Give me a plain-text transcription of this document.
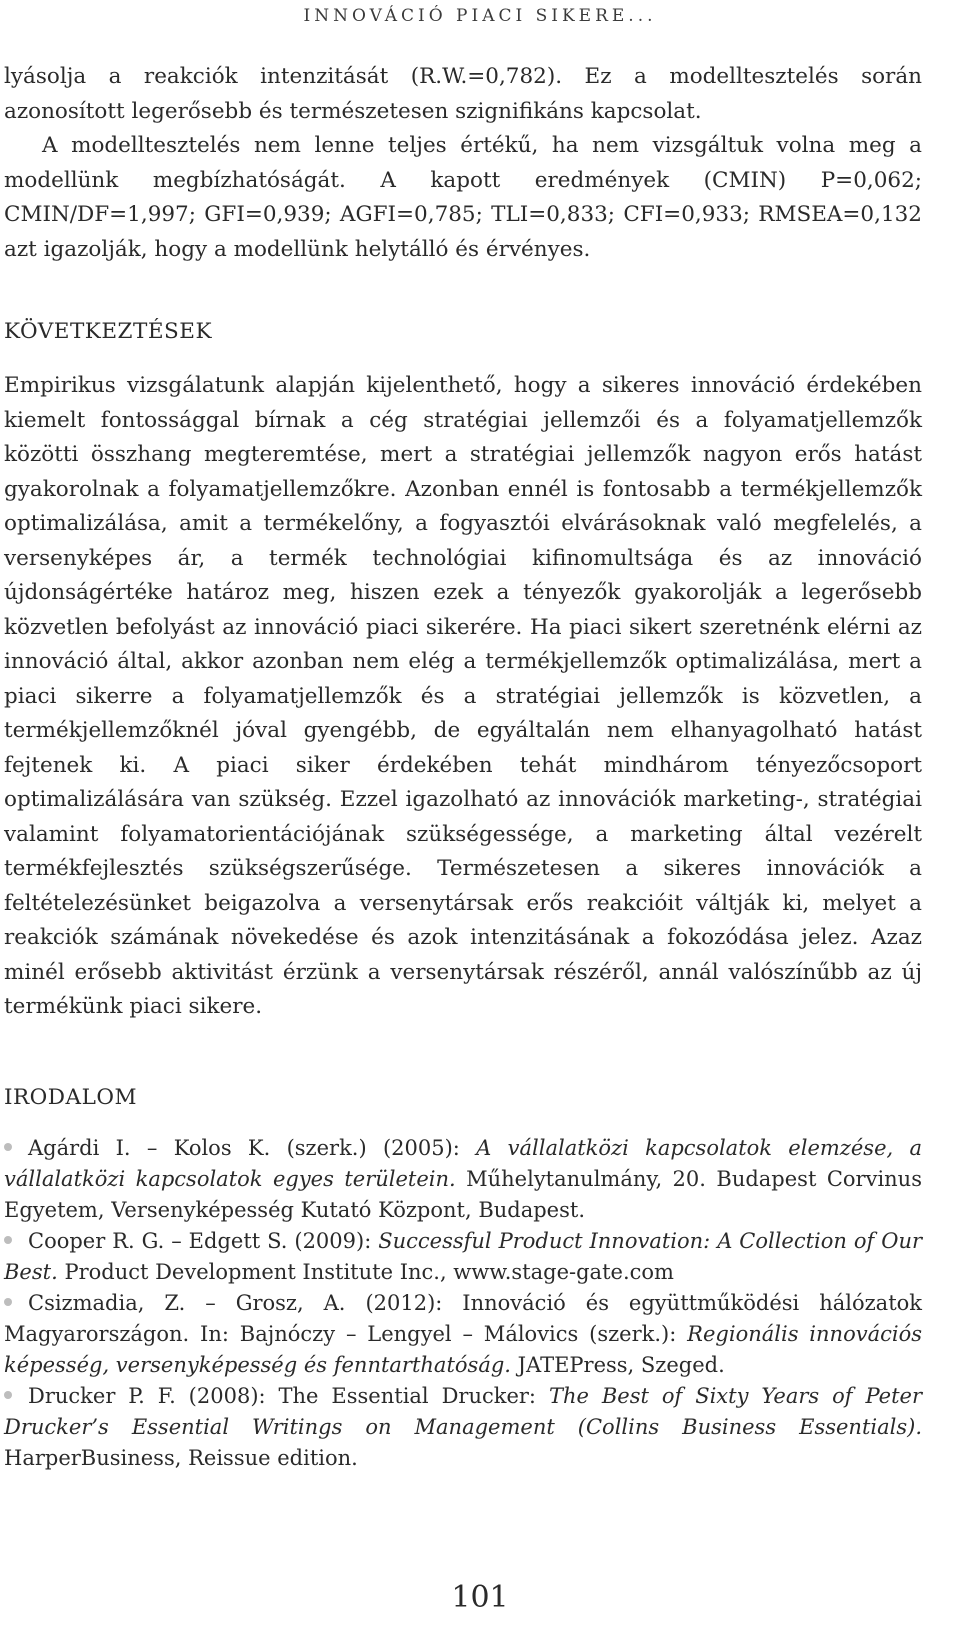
INNOVÁCIÓ PIACI SIKERE...

lyásolja a reakciók intenzitását (R.W.=0,782). Ez a modelltesztelés során azonosított legerősebb és természetesen szignifikáns kapcsolat.

A modelltesztelés nem lenne teljes értékű, ha nem vizsgáltuk volna meg a modellünk megbízhatóságát. A kapott eredmények (CMIN) P=0,062; CMIN/DF=1,997; GFI=0,939; AGFI=0,785; TLI=0,833; CFI=0,933; RMSEA=0,132 azt igazolják, hogy a modellünk helytálló és érvényes.

KÖVETKEZTÉSEK

Empirikus vizsgálatunk alapján kijelenthető, hogy a sikeres innováció érdekében kiemelt fontossággal bírnak a cég stratégiai jellemzői és a folyamatjellemzők közötti összhang megteremtése, mert a stratégiai jellemzők nagyon erős hatást gyakorolnak a folyamatjellemzőkre. Azonban ennél is fontosabb a termékjellemzők optimalizálása, amit a termékelőny, a fogyasztói elvárásoknak való megfelelés, a versenyképes ár, a termék technológiai kifinomultsága és az innováció újdonságértéke határoz meg, hiszen ezek a tényezők gyakorolják a legerősebb közvetlen befolyást az innováció piaci sikerére. Ha piaci sikert szeretnénk elérni az innováció által, akkor azonban nem elég a termékjellemzők optimalizálása, mert a piaci sikerre a folyamatjellemzők és a stratégiai jellemzők is közvetlen, a termékjellemzőknél jóval gyengébb, de egyáltalán nem elhanyagolható hatást fejtenek ki. A piaci siker érdekében tehát mindhárom tényezőcsoport optimalizálására van szükség. Ezzel igazolható az innovációk marketing-, stratégiai valamint folyamatorientációjának szükségessége, a marketing által vezérelt termékfejlesztés szükségszerűsége. Természetesen a sikeres innovációk a feltételezésünket beigazolva a versenytársak erős reakcióit váltják ki, melyet a reakciók számának növekedése és azok intenzitásának a fokozódása jelez. Azaz minél erősebb aktivitást érzünk a versenytársak részéről, annál valószínűbb az új termékünk piaci sikere.

IRODALOM
Agárdi I. – Kolos K. (szerk.) (2005): A vállalatközi kapcsolatok elemzése, a vállalatközi kapcsolatok egyes területein. Műhelytanulmány, 20. Budapest Corvinus Egyetem, Versenyképesség Kutató Központ, Budapest.
Cooper R. G. – Edgett S. (2009): Successful Product Innovation: A Collection of Our Best. Product Development Institute Inc., www.stage-gate.com
Csizmadia, Z. – Grosz, A. (2012): Innováció és együttműködési hálózatok Magyarországon. In: Bajnóczy – Lengyel – Málovics (szerk.): Regionális innovációs képesség, versenyképesség és fenntarthatóság. JATEPress, Szeged.
Drucker P. F. (2008): The Essential Drucker: The Best of Sixty Years of Peter Drucker’s Essential Writings on Management (Collins Business Essentials). HarperBusiness, Reissue edition.
101
